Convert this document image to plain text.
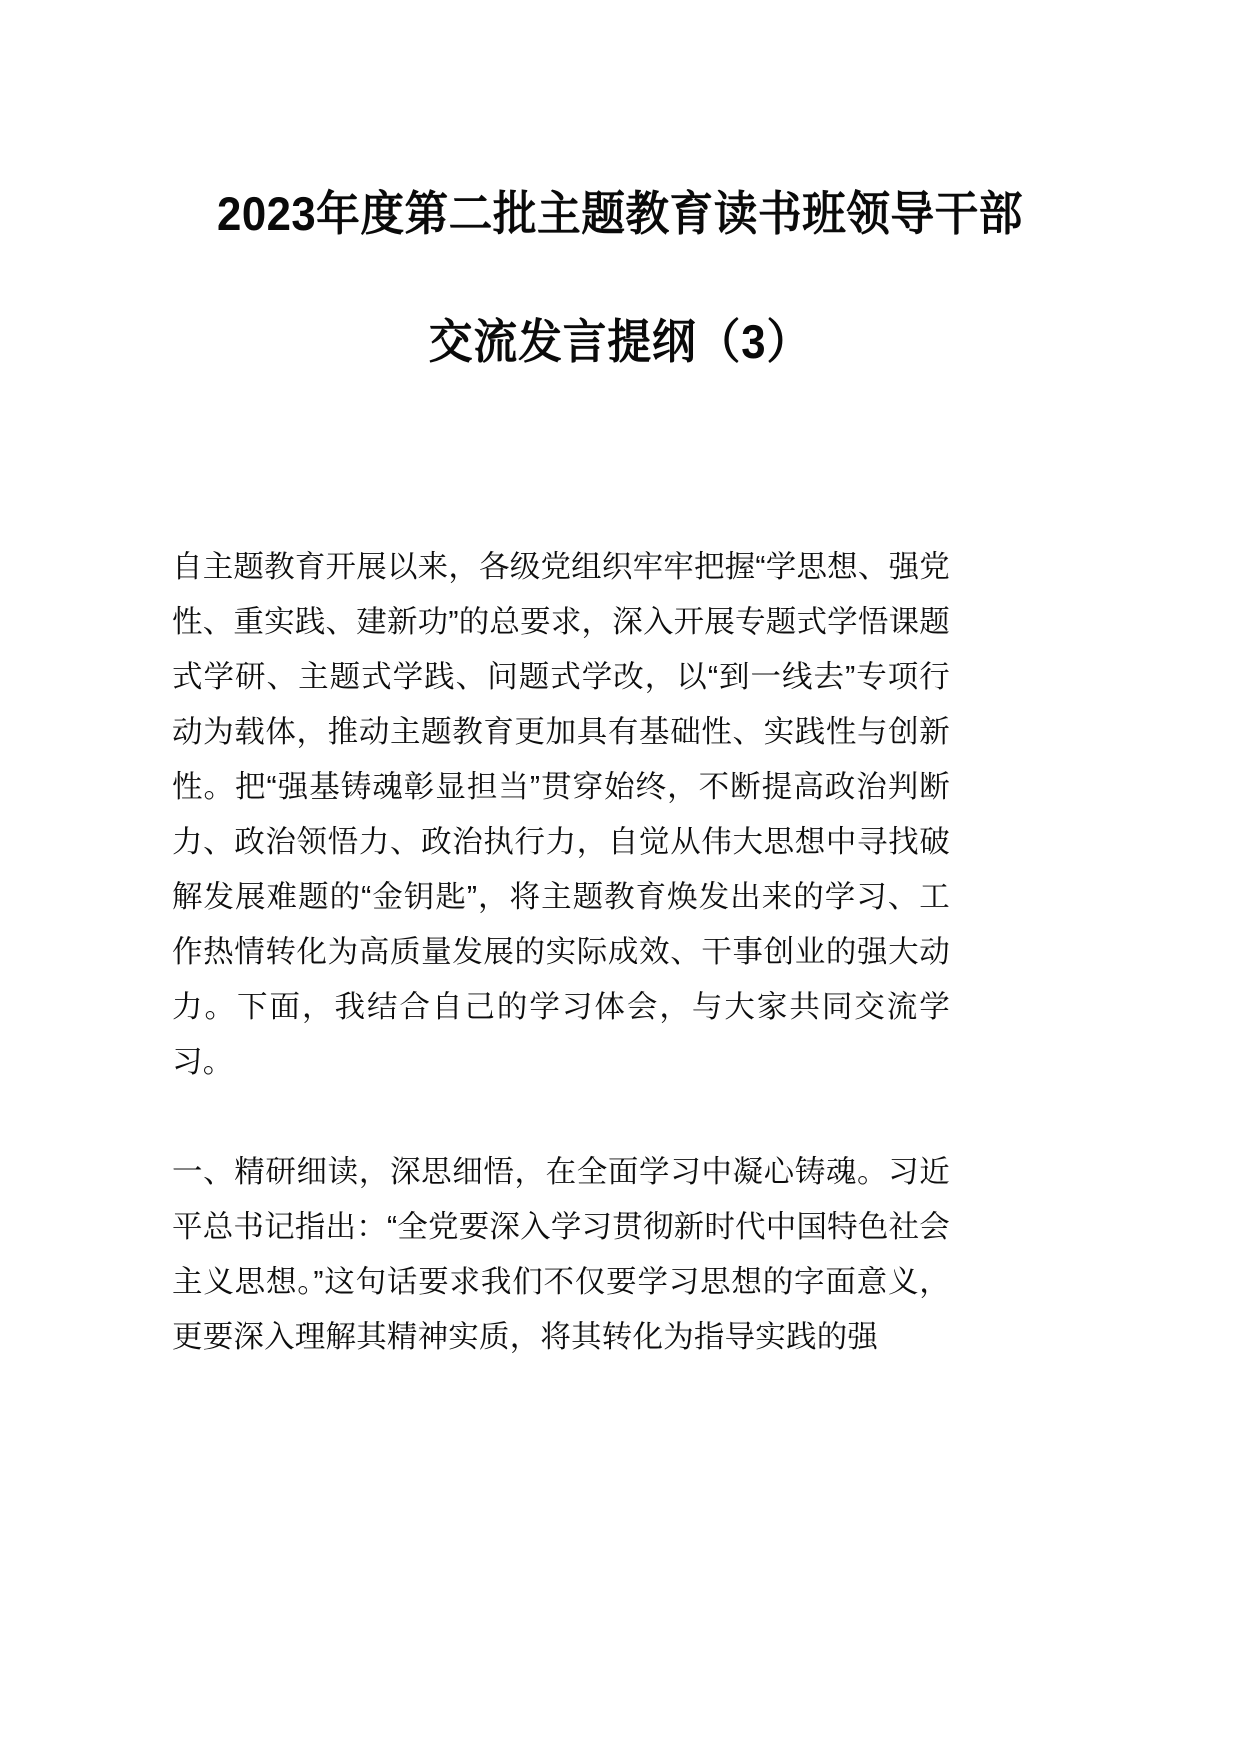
2023年度第二批主题教育读书班领导干部
交流发言提纲（3）

自主题教育开展以来，各级党组织牢牢把握“学思想、强党性、重实践、建新功”的总要求，深入开展专题式学悟课题式学研、主题式学践、问题式学改，以“到一线去”专项行动为载体，推动主题教育更加具有基础性、实践性与创新性。把“强基铸魂彰显担当”贯穿始终，不断提高政治判断力、政治领悟力、政治执行力，自觉从伟大思想中寻找破解发展难题的“金钥匙”，将主题教育焕发出来的学习、工作热情转化为高质量发展的实际成效、干事创业的强大动力。下面，我结合自己的学习体会，与大家共同交流学习。

一、精研细读，深思细悟，在全面学习中凝心铸魂。习近平总书记指出：“全党要深入学习贯彻新时代中国特色社会主义思想。”这句话要求我们不仅要学习思想的字面意义，更要深入理解其精神实质，将其转化为指导实践的强
